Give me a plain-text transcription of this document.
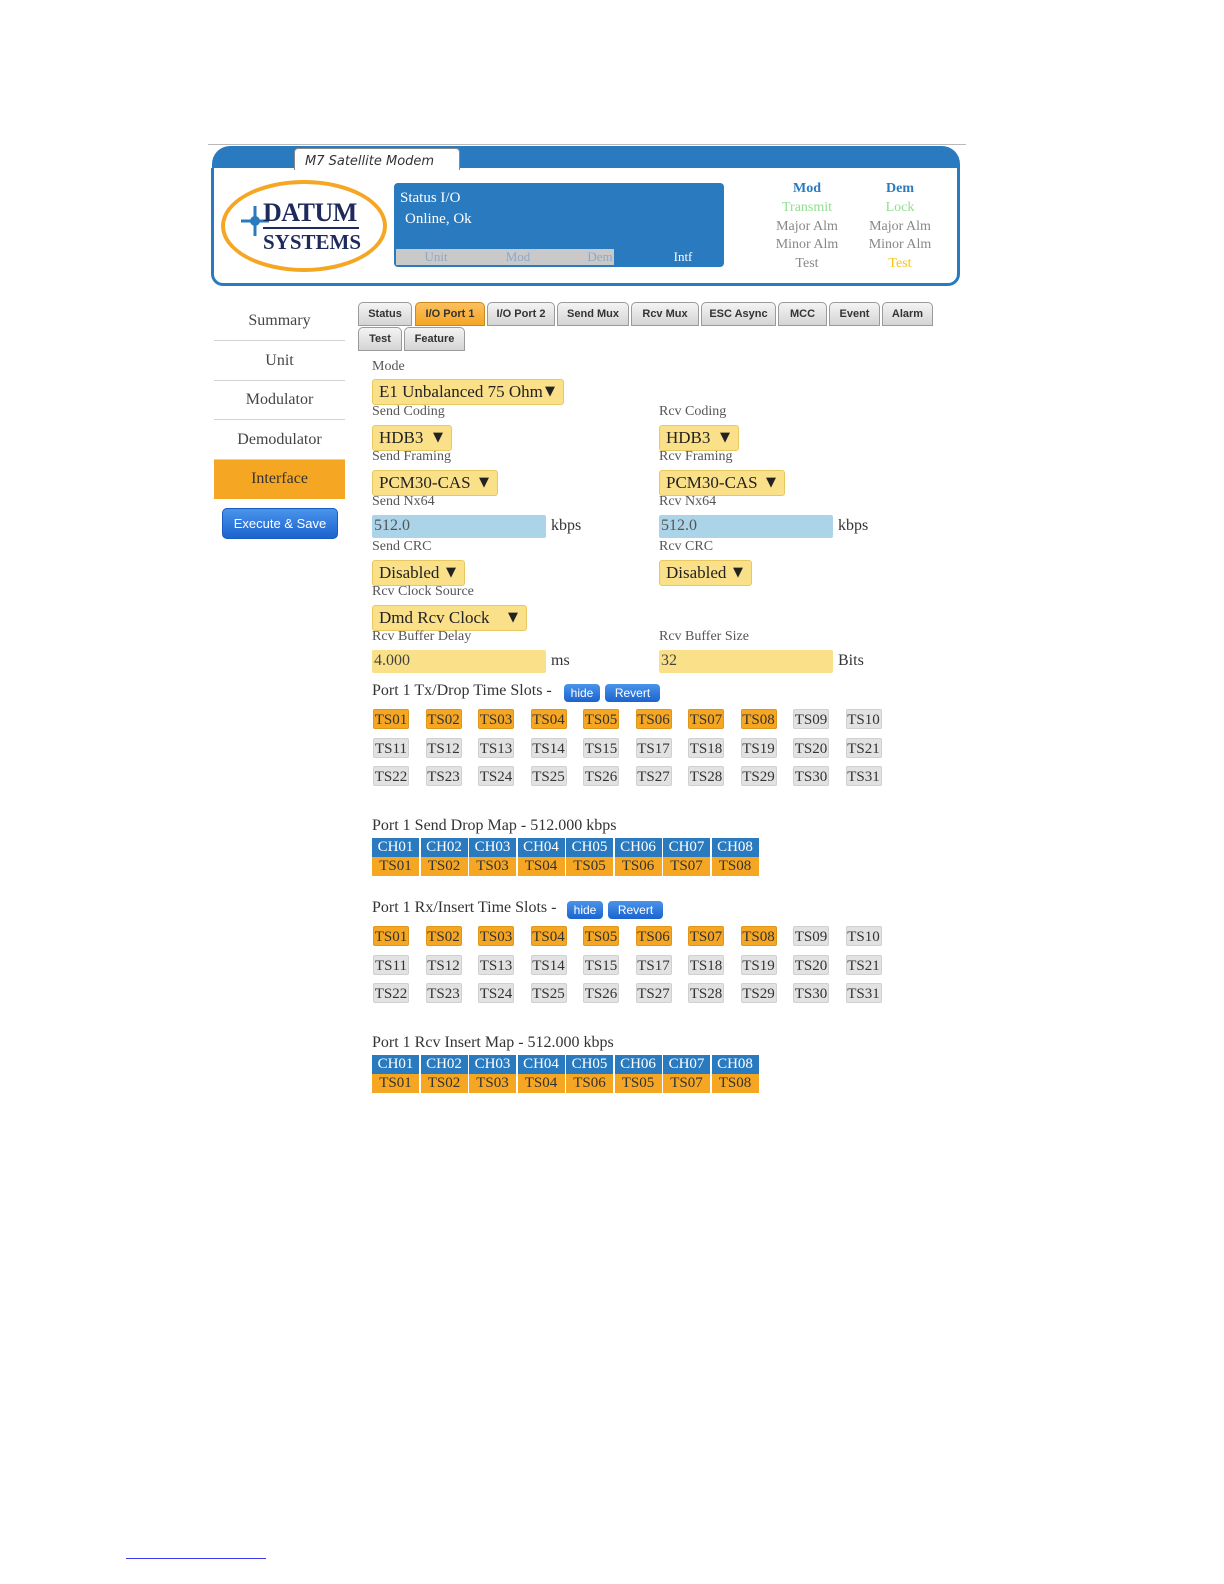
M7 Satellite Modem
DATUM
SYSTEMS
Status I/O
Online, Ok
Unit	Mod	Dem	Intf
Mod
Transmit
Major Alm
Minor Alm
Test
Dem
Lock
Major Alm
Minor Alm
Test
Summary
Unit
Modulator
Demodulator
Interface
Execute & Save
Status	I/O Port 1	I/O Port 2	Send Mux	Rcv Mux	ESC Async	MCC	Event	Alarm
Test	Feature
Mode
E1 Unbalanced 75 Ohm ▼
Send Coding
HDB3 ▼
Rcv Coding
HDB3 ▼
Send Framing
PCM30-CAS ▼
Rcv Framing
PCM30-CAS ▼
Send Nx64
512.0	kbps
Rcv Nx64
512.0	kbps
Send CRC
Disabled ▼
Rcv CRC
Disabled ▼
Rcv Clock Source
Dmd Rcv Clock ▼
Rcv Buffer Delay
4.000	ms
Rcv Buffer Size
32	Bits
Port 1 Tx/Drop Time Slots -	hide	Revert
TS01 TS02 TS03 TS04 TS05 TS06 TS07 TS08 TS09 TS10
TS11 TS12 TS13 TS14 TS15 TS17 TS18 TS19 TS20 TS21
TS22 TS23 TS24 TS25 TS26 TS27 TS28 TS29 TS30 TS31
Port 1 Send Drop Map - 512.000 kbps
CH01 CH02 CH03 CH04 CH05 CH06 CH07 CH08
TS01	TS02	TS03	TS04	TS05	TS06	TS07	TS08
Port 1 Rx/Insert Time Slots -	hide	Revert
TS01 TS02 TS03 TS04 TS05 TS06 TS07 TS08 TS09 TS10
TS11 TS12 TS13 TS14 TS15 TS17 TS18 TS19 TS20 TS21
TS22 TS23 TS24 TS25 TS26 TS27 TS28 TS29 TS30 TS31
Port 1 Rcv Insert Map - 512.000 kbps
CH01 CH02 CH03 CH04 CH05 CH06 CH07 CH08
TS01	TS02	TS03	TS04	TS06	TS05	TS07	TS08
